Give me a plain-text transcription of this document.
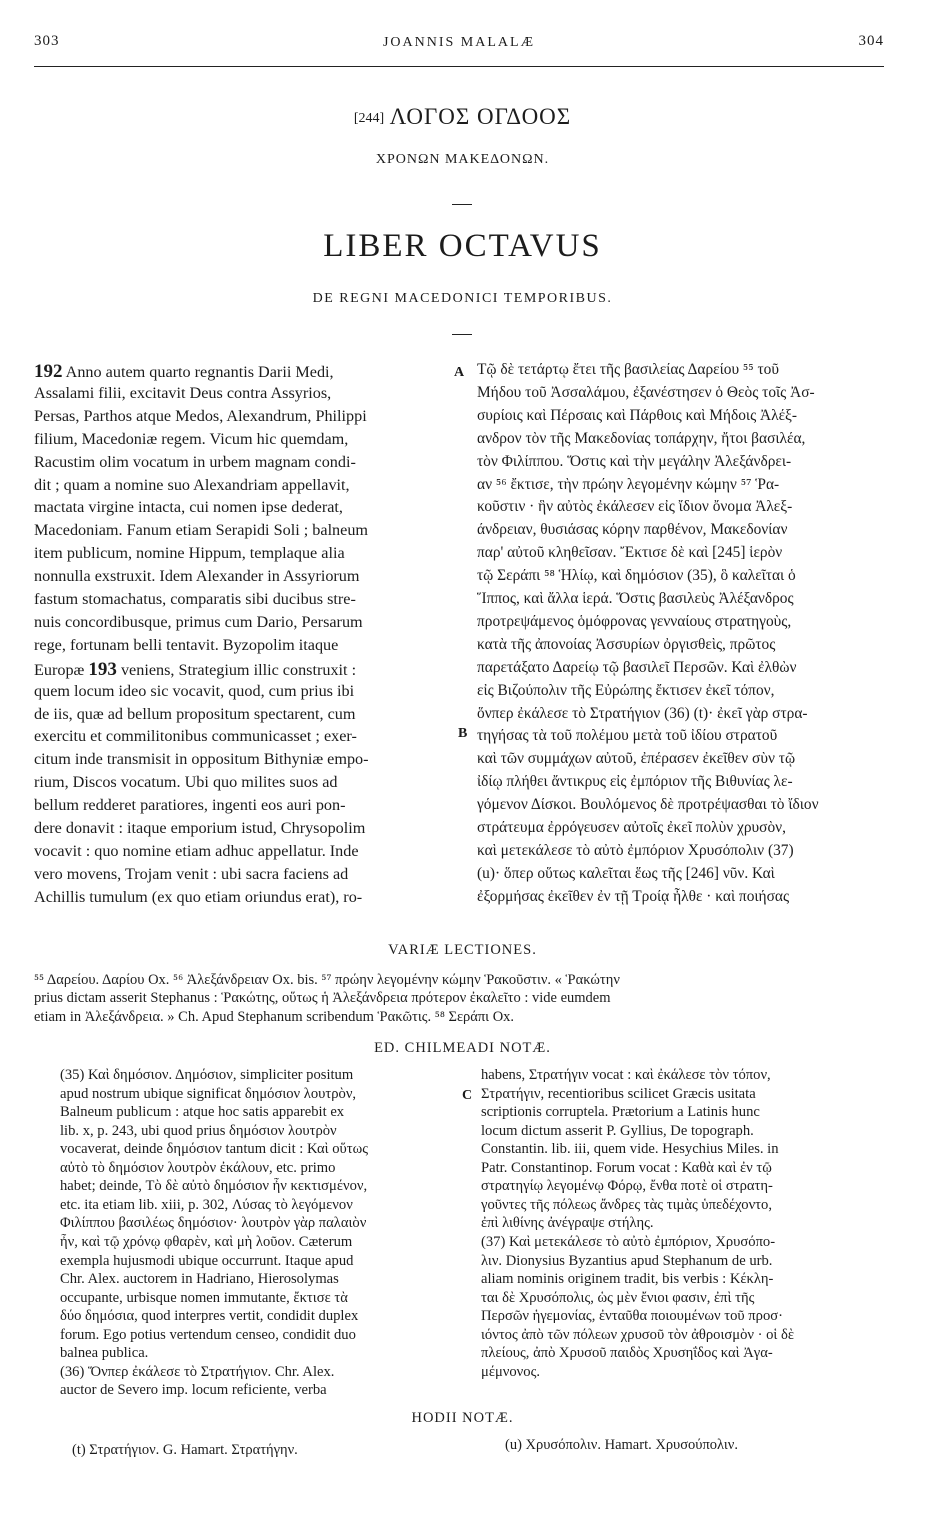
303	JOANNIS MALALÆ	304
[244] ΛΟΓΟΣ ΟΓΔΟΟΣ
ΧΡΟΝΩΝ ΜΑΚΕΔΟΝΩΝ.
LIBER OCTAVUS
DE REGNI MACEDONICI TEMPORIBUS.
192 Anno autem quarto regnantis Darii Medi,
Assalami filii, excitavit Deus contra Assyrios,
Persas, Parthos atque Medos, Alexandrum, Philippi
filium, Macedoniæ regem. Vicum hic quemdam,
Racustim olim vocatum in urbem magnam condi-
dit ; quam a nomine suo Alexandriam appellavit,
mactata virgine intacta, cui nomen ipse dederat,
Macedoniam. Fanum etiam Serapidi Soli ; balneum
item publicum, nomine Hippum, templaque alia
nonnulla exstruxit. Idem Alexander in Assyriorum
fastum stomachatus, comparatis sibi ducibus stre-
nuis concordibusque, primus cum Dario, Persarum
rege, fortunam belli tentavit. Byzopolim itaque
Europæ 193 veniens, Strategium illic construxit :
quem locum ideo sic vocavit, quod, cum prius ibi
de iis, quæ ad bellum propositum spectarent, cum
exercitu et commilitonibus communicasset ; exer-
citum inde transmisit in oppositum Bithyniæ empo-
rium, Discos vocatum. Ubi quo milites suos ad
bellum redderet paratiores, ingenti eos auri pon-
dere donavit : itaque emporium istud, Chrysopolim
vocavit : quo nomine etiam adhuc appellatur. Inde
vero movens, Trojam venit : ubi sacra faciens ad
Achillis tumulum (ex quo etiam oriundus erat), ro-
Τῷ δὲ τετάρτῳ ἔτει τῆς βασιλείας Δαρείου ⁵⁵ τοῦ
Μήδου τοῦ Ἀσσαλάμου, ἐξανέστησεν ὁ Θεὸς τοῖς Ἀσ-
συρίοις καὶ Πέρσαις καὶ Πάρθοις καὶ Μήδοις Ἀλέξ-
ανδρον τὸν τῆς Μακεδονίας τοπάρχην, ἤτοι βασιλέα,
τὸν Φιλίππου. Ὅστις καὶ τὴν μεγάλην Ἀλεξάνδρει-
αν ⁵⁶ ἔκτισε, τὴν πρώην λεγομένην κώμην ⁵⁷ Ῥα-
κοῦστιν · ἣν αὐτὸς ἐκάλεσεν εἰς ἴδιον ὄνομα Ἀλεξ-
άνδρειαν, θυσιάσας κόρην παρθένον, Μακεδονίαν
παρ' αὐτοῦ κληθεῖσαν. Ἔκτισε δὲ καὶ [245] ἱερὸν
τῷ Σεράπι ⁵⁸ Ἡλίῳ, καὶ δημόσιον (35), ὃ καλεῖται ὁ
Ἵππος, καὶ ἄλλα ἱερά. Ὅστις βασιλεὺς Ἀλέξανδρος
προτρεψάμενος ὁμόφρονας γενναίους στρατηγοὺς,
κατὰ τῆς ἀπονοίας Ἀσσυρίων ὀργισθεὶς, πρῶτος
παρετάξατο Δαρείῳ τῷ βασιλεῖ Περσῶν. Καὶ ἐλθὼν
εἰς Βιζούπολιν τῆς Εὐρώπης ἔκτισεν ἐκεῖ τόπον,
ὅνπερ ἐκάλεσε τὸ Στρατήγιον (36) (t)· ἐκεῖ γὰρ στρα-
τηγήσας τὰ τοῦ πολέμου μετὰ τοῦ ἰδίου στρατοῦ
καὶ τῶν συμμάχων αὐτοῦ, ἐπέρασεν ἐκεῖθεν σὺν τῷ
ἰδίῳ πλήθει ἄντικρυς εἰς ἐμπόριον τῆς Βιθυνίας λε-
γόμενον Δίσκοι. Βουλόμενος δὲ προτρέψασθαι τὸ ἴδιον
στράτευμα ἐρρόγευσεν αὐτοῖς ἐκεῖ πολὺν χρυσὸν,
καὶ μετεκάλεσε τὸ αὐτὸ ἐμπόριον Χρυσόπολιν (37)
(u)· ὅπερ οὕτως καλεῖται ἕως τῆς [246] νῦν. Καὶ
ἐξορμήσας ἐκεῖθεν ἐν τῇ Τροίᾳ ἦλθε · καὶ ποιήσας
A
B
VARIÆ LECTIONES.
⁵⁵ Δαρείου. Δαρίου Ox. ⁵⁶ Ἀλεξάνδρειαν Ox. bis. ⁵⁷ πρώην λεγομένην κώμην Ῥακοῦστιν. « Ῥακώτην
prius dictam asserit Stephanus : Ῥακώτης, οὕτως ἡ Ἀλεξάνδρεια πρότερον ἐκαλεῖτο : vide eumdem
etiam in Ἀλεξάνδρεια. » Ch. Apud Stephanum scribendum Ῥακῶτις. ⁵⁸ Σεράπι Ox.
ED. CHILMEADI NOTÆ.
(35) Καὶ δημόσιον. Δημόσιον, simpliciter positum
apud nostrum ubique significat δημόσιον λουτρὸν,
Balneum publicum : atque hoc satis apparebit ex
lib. x, p. 243, ubi quod prius δημόσιον λουτρὸν
vocaverat, deinde δημόσιον tantum dicit : Καὶ οὕτως
αὐτὸ τὸ δημόσιον λουτρὸν ἐκάλουν, etc. primo
habet; deinde, Τὸ δὲ αὐτὸ δημόσιον ἦν κεκτισμένον,
etc. ita etiam lib. xiii, p. 302, Λύσας τὸ λεγόμενον
Φιλίππου βασιλέως δημόσιον· λουτρὸν γὰρ παλαιὸν
ἦν, καὶ τῷ χρόνῳ φθαρὲν, καὶ μὴ λοῦον. Cæterum
exempla hujusmodi ubique occurrunt. Itaque apud
Chr. Alex. auctorem in Hadriano, Hierosolymas
occupante, urbisque nomen immutante, ἔκτισε τὰ
δύο δημόσια, quod interpres vertit, condidit duplex
forum. Ego potius vertendum censeo, condidit duo
balnea publica.
(36) Ὅνπερ ἐκάλεσε τὸ Στρατήγιον. Chr. Alex.
auctor de Severo imp. locum reficiente, verba
habens, Στρατήγιν vocat : καὶ ἐκάλεσε τὸν τόπον,
Στρατήγιν, recentioribus scilicet Græcis usitata
scriptionis corruptela. Prætorium a Latinis hunc
locum dictum asserit P. Gyllius, De topograph.
Constantin. lib. iii, quem vide. Hesychius Miles. in
Patr. Constantinop. Forum vocat : Καθὰ καὶ ἐν τῷ
στρατηγίῳ λεγομένῳ Φόρῳ, ἔνθα ποτὲ οἱ στρατη-
γοῦντες τῆς πόλεως ἄνδρες τὰς τιμὰς ὑπεδέχοντο,
ἐπὶ λιθίνης ἀνέγραψε στήλης.
(37) Καὶ μετεκάλεσε τὸ αὐτὸ ἐμπόριον, Χρυσόπο-
λιν. Dionysius Byzantius apud Stephanum de urb.
aliam nominis originem tradit, bis verbis : Κέκλη-
ται δὲ Χρυσόπολις, ὡς μὲν ἔνιοι φασιν, ἐπὶ τῆς
Περσῶν ἡγεμονίας, ἐνταῦθα ποιουμένων τοῦ προσ·
ιόντος ἀπὸ τῶν πόλεων χρυσοῦ τὸν ἀθροισμὸν · οἱ δὲ
πλείους, ἀπὸ Χρυσοῦ παιδὸς Χρυσηΐδος καὶ Ἀγα-
μέμνονος.
C
HODII NOTÆ.
(t) Στρατήγιον. G. Hamart. Στρατήγην.	(u) Χρυσόπολιν. Hamart. Χρυσούπολιν.
